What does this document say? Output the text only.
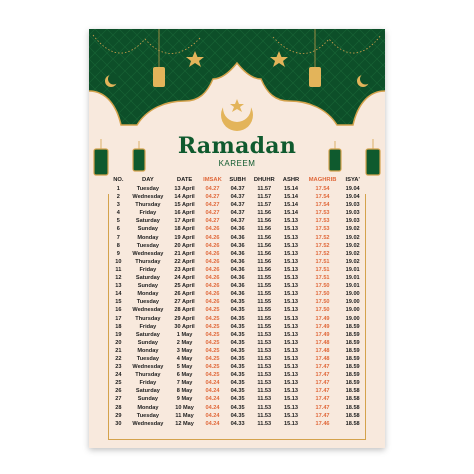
Ramadan
KAREEM
NO.	DAY	DATE	IMSAK	SUBH	DHUHR	ASHR	MAGHRIB	ISYA'
1	Tuesday	13 April	04.27	04.37	11.57	15.14	17.54	19.04
2	Wednesday	14 April	04.27	04.37	11.57	15.14	17.54	19.04
3	Thursday	15 April	04.27	04.37	11.57	15.14	17.54	19.03
4	Friday	16 April	04.27	04.37	11.56	15.14	17.53	19.03
5	Saturday	17 April	04.27	04.37	11.56	15.13	17.53	19.03
6	Sunday	18 April	04.26	04.36	11.56	15.13	17.53	19.02
7	Monday	19 April	04.26	04.36	11.56	15.13	17.52	19.02
8	Tuesday	20 April	04.26	04.36	11.56	15.13	17.52	19.02
9	Wednesday	21 April	04.26	04.36	11.56	15.13	17.52	19.02
10	Thursday	22 April	04.26	04.36	11.56	15.13	17.51	19.02
11	Friday	23 April	04.26	04.36	11.56	15.13	17.51	19.01
12	Saturday	24 April	04.26	04.36	11.55	15.13	17.51	19.01
13	Sunday	25 April	04.26	04.36	11.55	15.13	17.50	19.01
14	Monday	26 April	04.26	04.36	11.55	15.13	17.50	19.00
15	Tuesday	27 April	04.26	04.35	11.55	15.13	17.50	19.00
16	Wednesday	28 April	04.25	04.35	11.55	15.13	17.50	19.00
17	Thursday	29 April	04.25	04.35	11.55	15.13	17.49	19.00
18	Friday	30 April	04.25	04.35	11.55	15.13	17.49	18.59
19	Saturday	1 May	04.25	04.35	11.53	15.13	17.49	18.59
20	Sunday	2 May	04.25	04.35	11.53	15.13	17.48	18.59
21	Monday	3 May	04.25	04.35	11.53	15.13	17.48	18.59
22	Tuesday	4 May	04.25	04.35	11.53	15.13	17.48	18.59
23	Wednesday	5 May	04.25	04.35	11.53	15.13	17.47	18.59
24	Thursday	6 May	04.25	04.35	11.53	15.13	17.47	18.59
25	Friday	7 May	04.24	04.35	11.53	15.13	17.47	18.59
26	Saturday	8 May	04.24	04.35	11.53	15.13	17.47	18.58
27	Sunday	9 May	04.24	04.35	11.53	15.13	17.47	18.58
28	Monday	10 May	04.24	04.35	11.53	15.13	17.47	18.58
29	Tuesday	11 May	04.24	04.35	11.53	15.13	17.47	18.58
30	Wednesday	12 May	04.24	04.33	11.53	15.13	17.46	18.58
